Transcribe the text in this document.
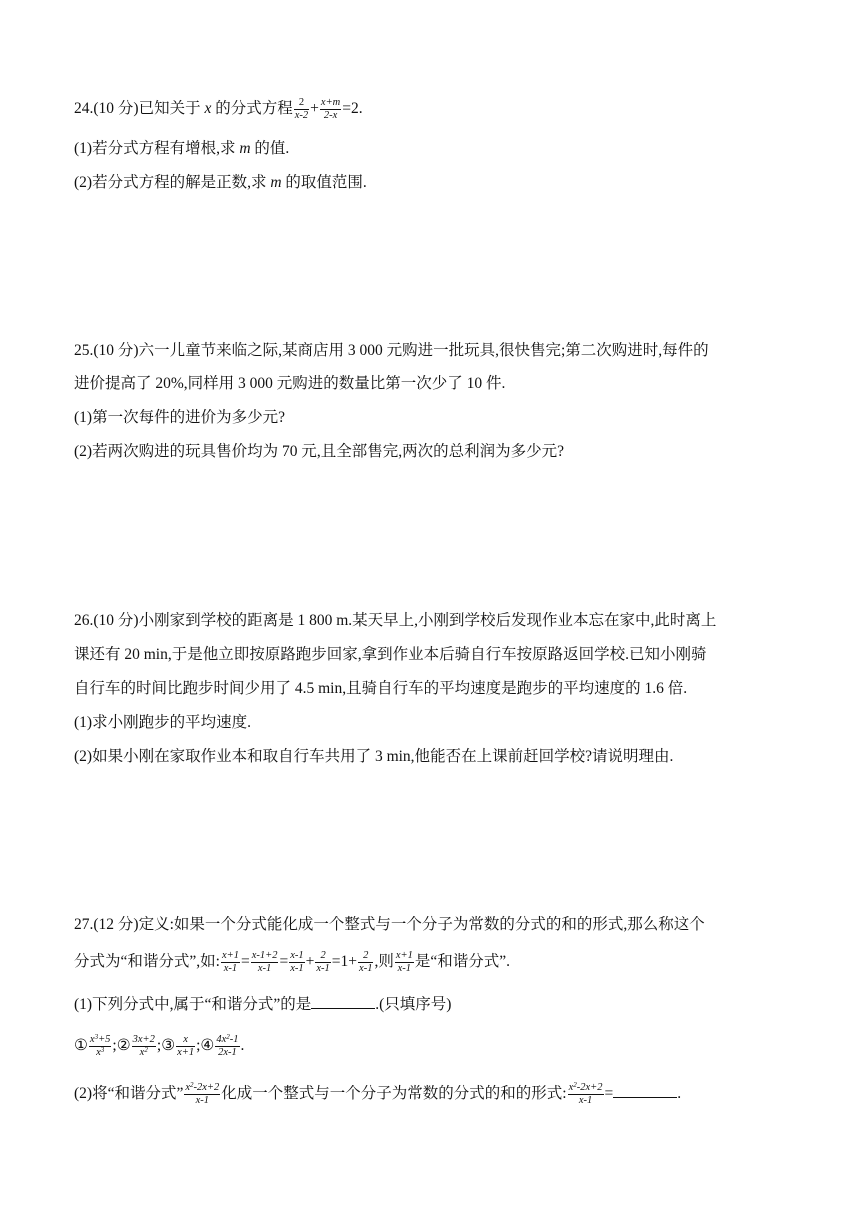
24.(10 分)已知关于 x 的分式方程 $\frac{2}{x-2} + \frac{x+m}{2-x} =2$.
(1)若分式方程有增根,求 m 的值.
(2)若分式方程的解是正数,求 m 的取值范围.
25.(10 分)六一儿童节来临之际,某商店用 3 000 元购进一批玩具,很快售完;第二次购进时,每件的
进价提高了 20%,同样用 3 000 元购进的数量比第一次少了 10 件.
(1)第一次每件的进价为多少元?
(2)若两次购进的玩具售价均为 70 元,且全部售完,两次的总利润为多少元?
26.(10 分)小刚家到学校的距离是 1 800 m.某天早上,小刚到学校后发现作业本忘在家中,此时离上
课还有 20 min,于是他立即按原路跑步回家,拿到作业本后骑自行车按原路返回学校.已知小刚骑
自行车的时间比跑步时间少用了 4.5 min,且骑自行车的平均速度是跑步的平均速度的 1.6 倍.
(1)求小刚跑步的平均速度.
(2)如果小刚在家取作业本和取自行车共用了 3 min,他能否在上课前赶回学校?请说明理由.
27.(12 分)定义:如果一个分式能化成一个整式与一个分子为常数的分式的和的形式,那么称这个
分式为“和谐分式”,如: $\frac{x+1}{x-1} = \frac{x-1+2}{x-1} = \frac{x-1}{x-1} + \frac{2}{x-1} =1+ \frac{2}{x-1}$ ,则 $\frac{x+1}{x-1}$ 是“和谐分式”.
(1)下列分式中,属于“和谐分式”的是	.(只填序号)
① $\frac{x^3+5}{x^3}$ ;② $\frac{3x+2}{x^2}$ ;③ $\frac{x}{x+1}$ ;④ $\frac{4x^2-1}{2x-1}$ .
(2)将“和谐分式” $\frac{x^2-2x+2}{x-1}$ 化成一个整式与一个分子为常数的分式的和的形式: $\frac{x^2-2x+2}{x-1}$ =	.
